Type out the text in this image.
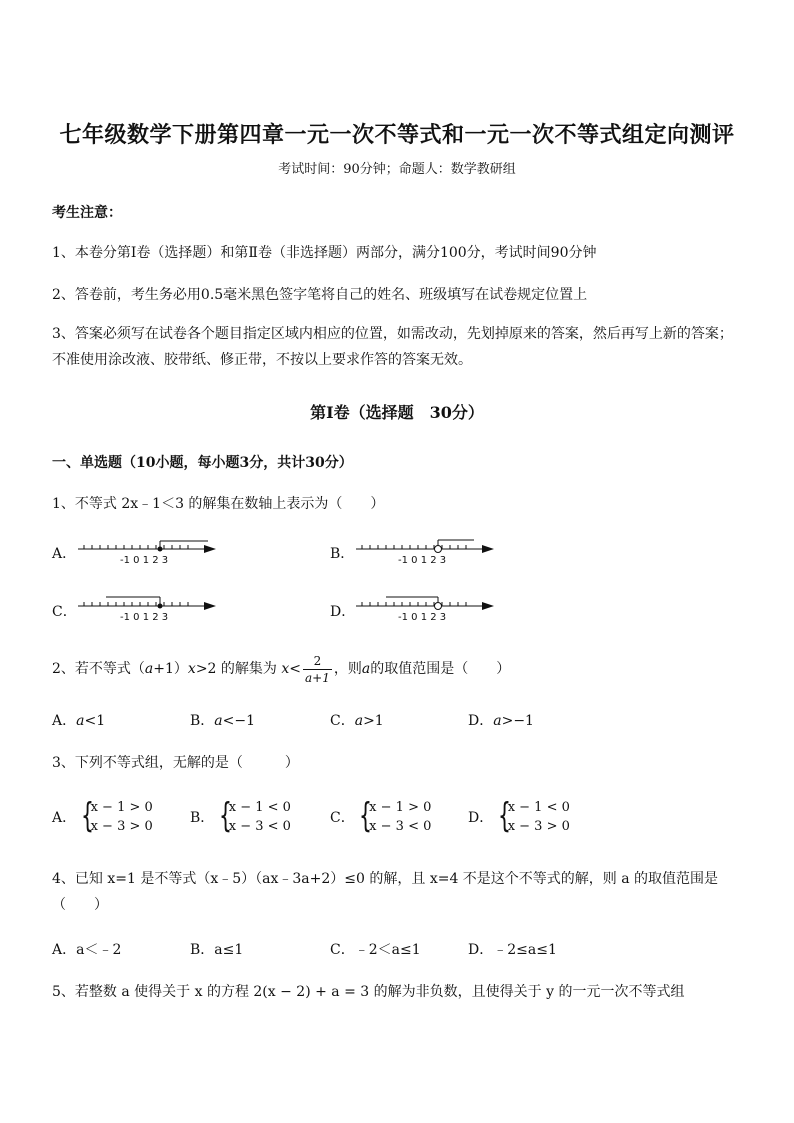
七年级数学下册第四章一元一次不等式和一元一次不等式组定向测评
考试时间：90分钟；命题人：数学教研组
考生注意：
1、本卷分第Ⅰ卷（选择题）和第Ⅱ卷（非选择题）两部分，满分100分，考试时间90分钟
2、答卷前，考生务必用0.5毫米黑色签字笔将自己的姓名、班级填写在试卷规定位置上
3、答案必须写在试卷各个题目指定区域内相应的位置，如需改动，先划掉原来的答案，然后再写上新的答案；不准使用涂改液、胶带纸、修正带，不按以上要求作答的答案无效。
第Ⅰ卷（选择题　30分）
一、单选题（10小题，每小题3分，共计30分）
1、不等式 2x﹣1＜3 的解集在数轴上表示为（　　）
A．	-1 0 1 2 3	B．	-1 0 1 2 3
C．	-1 0 1 2 3	D．	-1 0 1 2 3
2、若不等式（a+1）x>2 的解集为 $x< \frac{2}{a+1}$ ，则a的取值范围是（　　）
A．a<1	B．a<−1	C．a>1	D．a>−1
3、下列不等式组，无解的是（　　　）
A． {
x − 1 > 0
x − 3 > 0
B． {
x − 1 < 0
x − 3 < 0
C． {
x − 1 > 0
x − 3 < 0
D． {
x − 1 < 0
x − 3 > 0
4、已知 x=1 是不等式（x﹣5）（ax﹣3a+2）≤0 的解，且 x=4 不是这个不等式的解，则 a 的取值范围是（　　）
A．a＜﹣2	B．a≤1	C．﹣2＜a≤1	D．﹣2≤a≤1
5、若整数 a 使得关于 x 的方程 2(x − 2) + a = 3 的解为非负数，且使得关于 y 的一元一次不等式组
